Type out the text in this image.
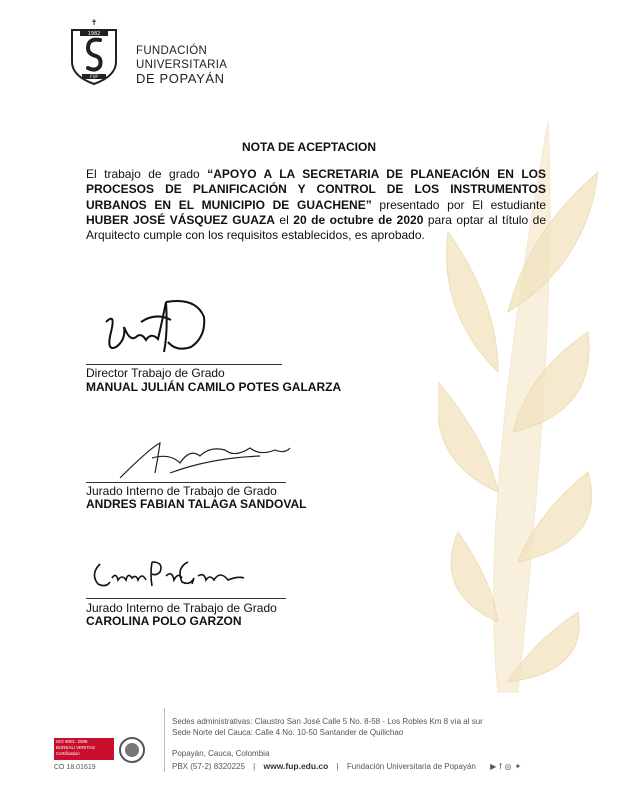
✝
1982
FUP
FUNDACIÓN
UNIVERSITARIA
DE POPAYÁN
NOTA DE ACEPTACION
El trabajo de grado “APOYO A LA SECRETARIA DE PLANEACIÓN EN LOS PROCESOS DE PLANIFICACIÓN Y CONTROL DE LOS INSTRUMENTOS URBANOS EN EL MUNICIPIO DE GUACHENE” presentado por El estudiante HUBER JOSÉ VÁSQUEZ GUAZA el 20 de octubre de 2020 para optar al título de Arquitecto cumple con los requisitos establecidos, es aprobado.
Director Trabajo de Grado
MANUAL JULIÁN CAMILO POTES GALARZA
Jurado Interno de Trabajo de Grado
ANDRES FABIAN TALAGA SANDOVAL
Jurado Interno de Trabajo de Grado
CAROLINA POLO GARZON
ISO 9001: 2008
BUREAU VERITAS Certification
CO 18.01619
Sedes administrativas: Claustro San José Calle 5 No. 8-58 - Los Robles Km 8 vía al sur
Sede Norte del Cauca: Calle 4 No. 10-50 Santander de Quilichao
Popayán, Cauca, Colombia
PBX (57-2) 8320225 | www.fup.edu.co | Fundación Universitaria de Popayán ▶f◎✦
